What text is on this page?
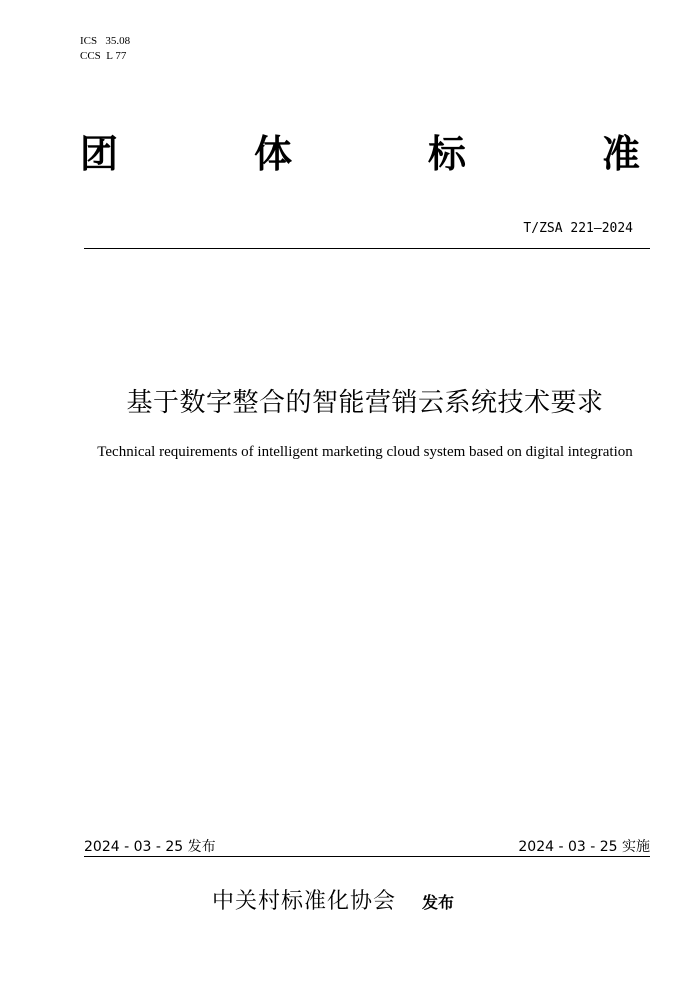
ICS   35.08
CCS  L 77
团	体	标	准
T/ZSA 221—2024
基于数字整合的智能营销云系统技术要求
Technical requirements of intelligent marketing cloud system based on digital integration
2024 - 03 - 25 发布	2024 - 03 - 25 实施
中关村标准化协会 发布
